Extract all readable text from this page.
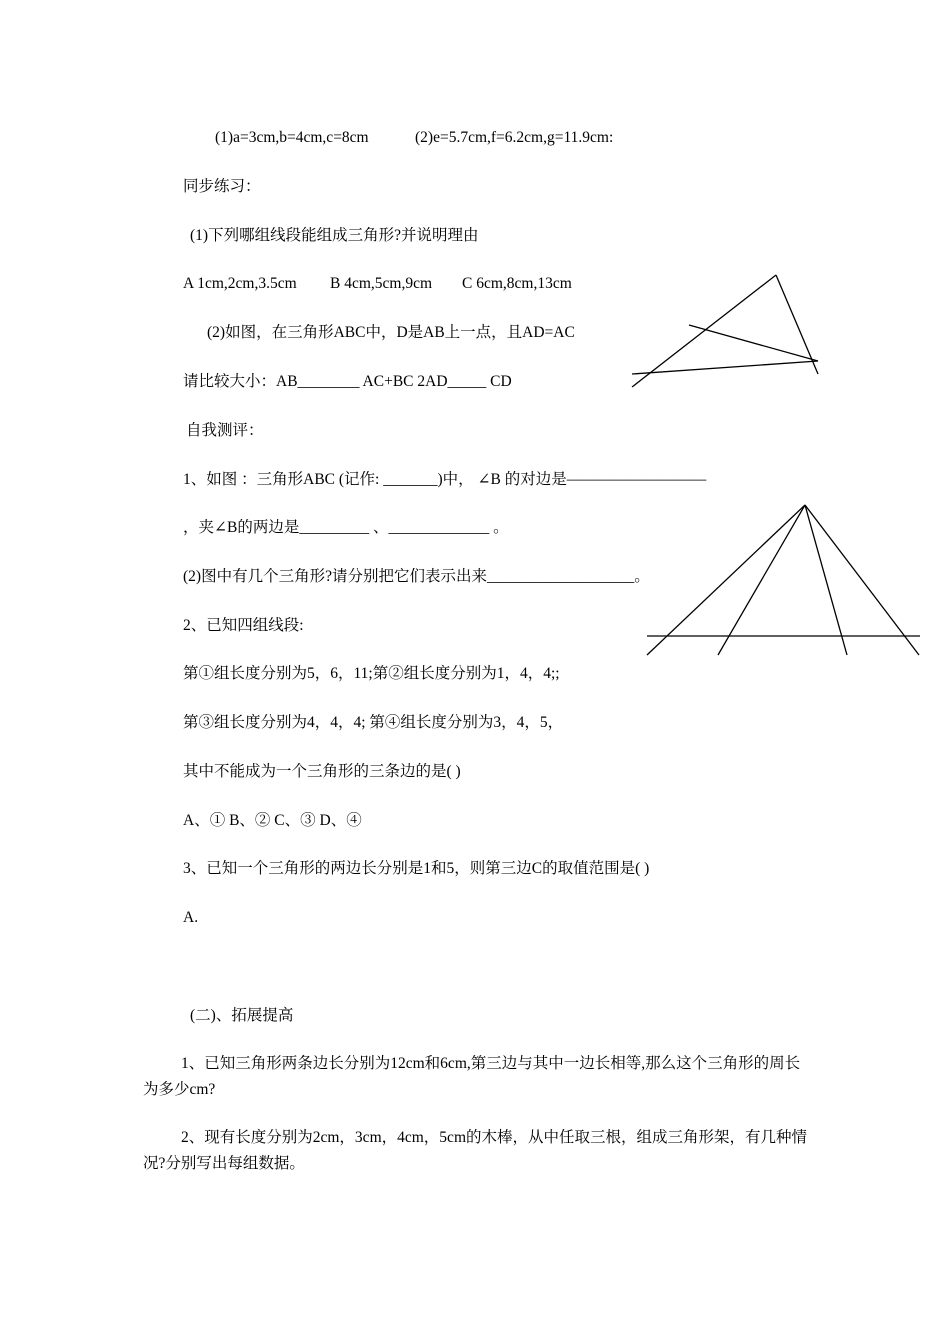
(1)a=3cm,b=4cm,c=8cm	(2)e=5.7cm,f=6.2cm,g=11.9cm:
同步练习：
(1)下列哪组线段能组成三角形?并说明理由
A 1cm,2cm,3.5cm B 4cm,5cm,9cm C 6cm,8cm,13cm
(2)如图，在三角形ABC中，D是AB上一点，且AD=AC
请比较大小：AB________ AC+BC 2AD_____ CD
自我测评：
1、如图 ：三角形ABC (记作: _______)中， ∠B 的对边是—————————
，夹∠B的两边是_________ 、_____________ 。
(2)图中有几个三角形?请分别把它们表示出来___________________。
2、已知四组线段:
第①组长度分别为5，6，11;第②组长度分别为1，4，4;;
第③组长度分别为4，4，4; 第④组长度分别为3，4，5，
其中不能成为一个三角形的三条边的是( )
A、① B、② C、③ D、④
3、已知一个三角形的两边长分别是1和5，则第三边C的取值范围是( )
A.
(二)、拓展提高
1、已知三角形两条边长分别为12cm和6cm,第三边与其中一边长相等,那么这个三角形的周长为多少cm?
2、现有长度分别为2cm，3cm，4cm，5cm的木棒，从中任取三根，组成三角形架，有几种情况?分别写出每组数据。
